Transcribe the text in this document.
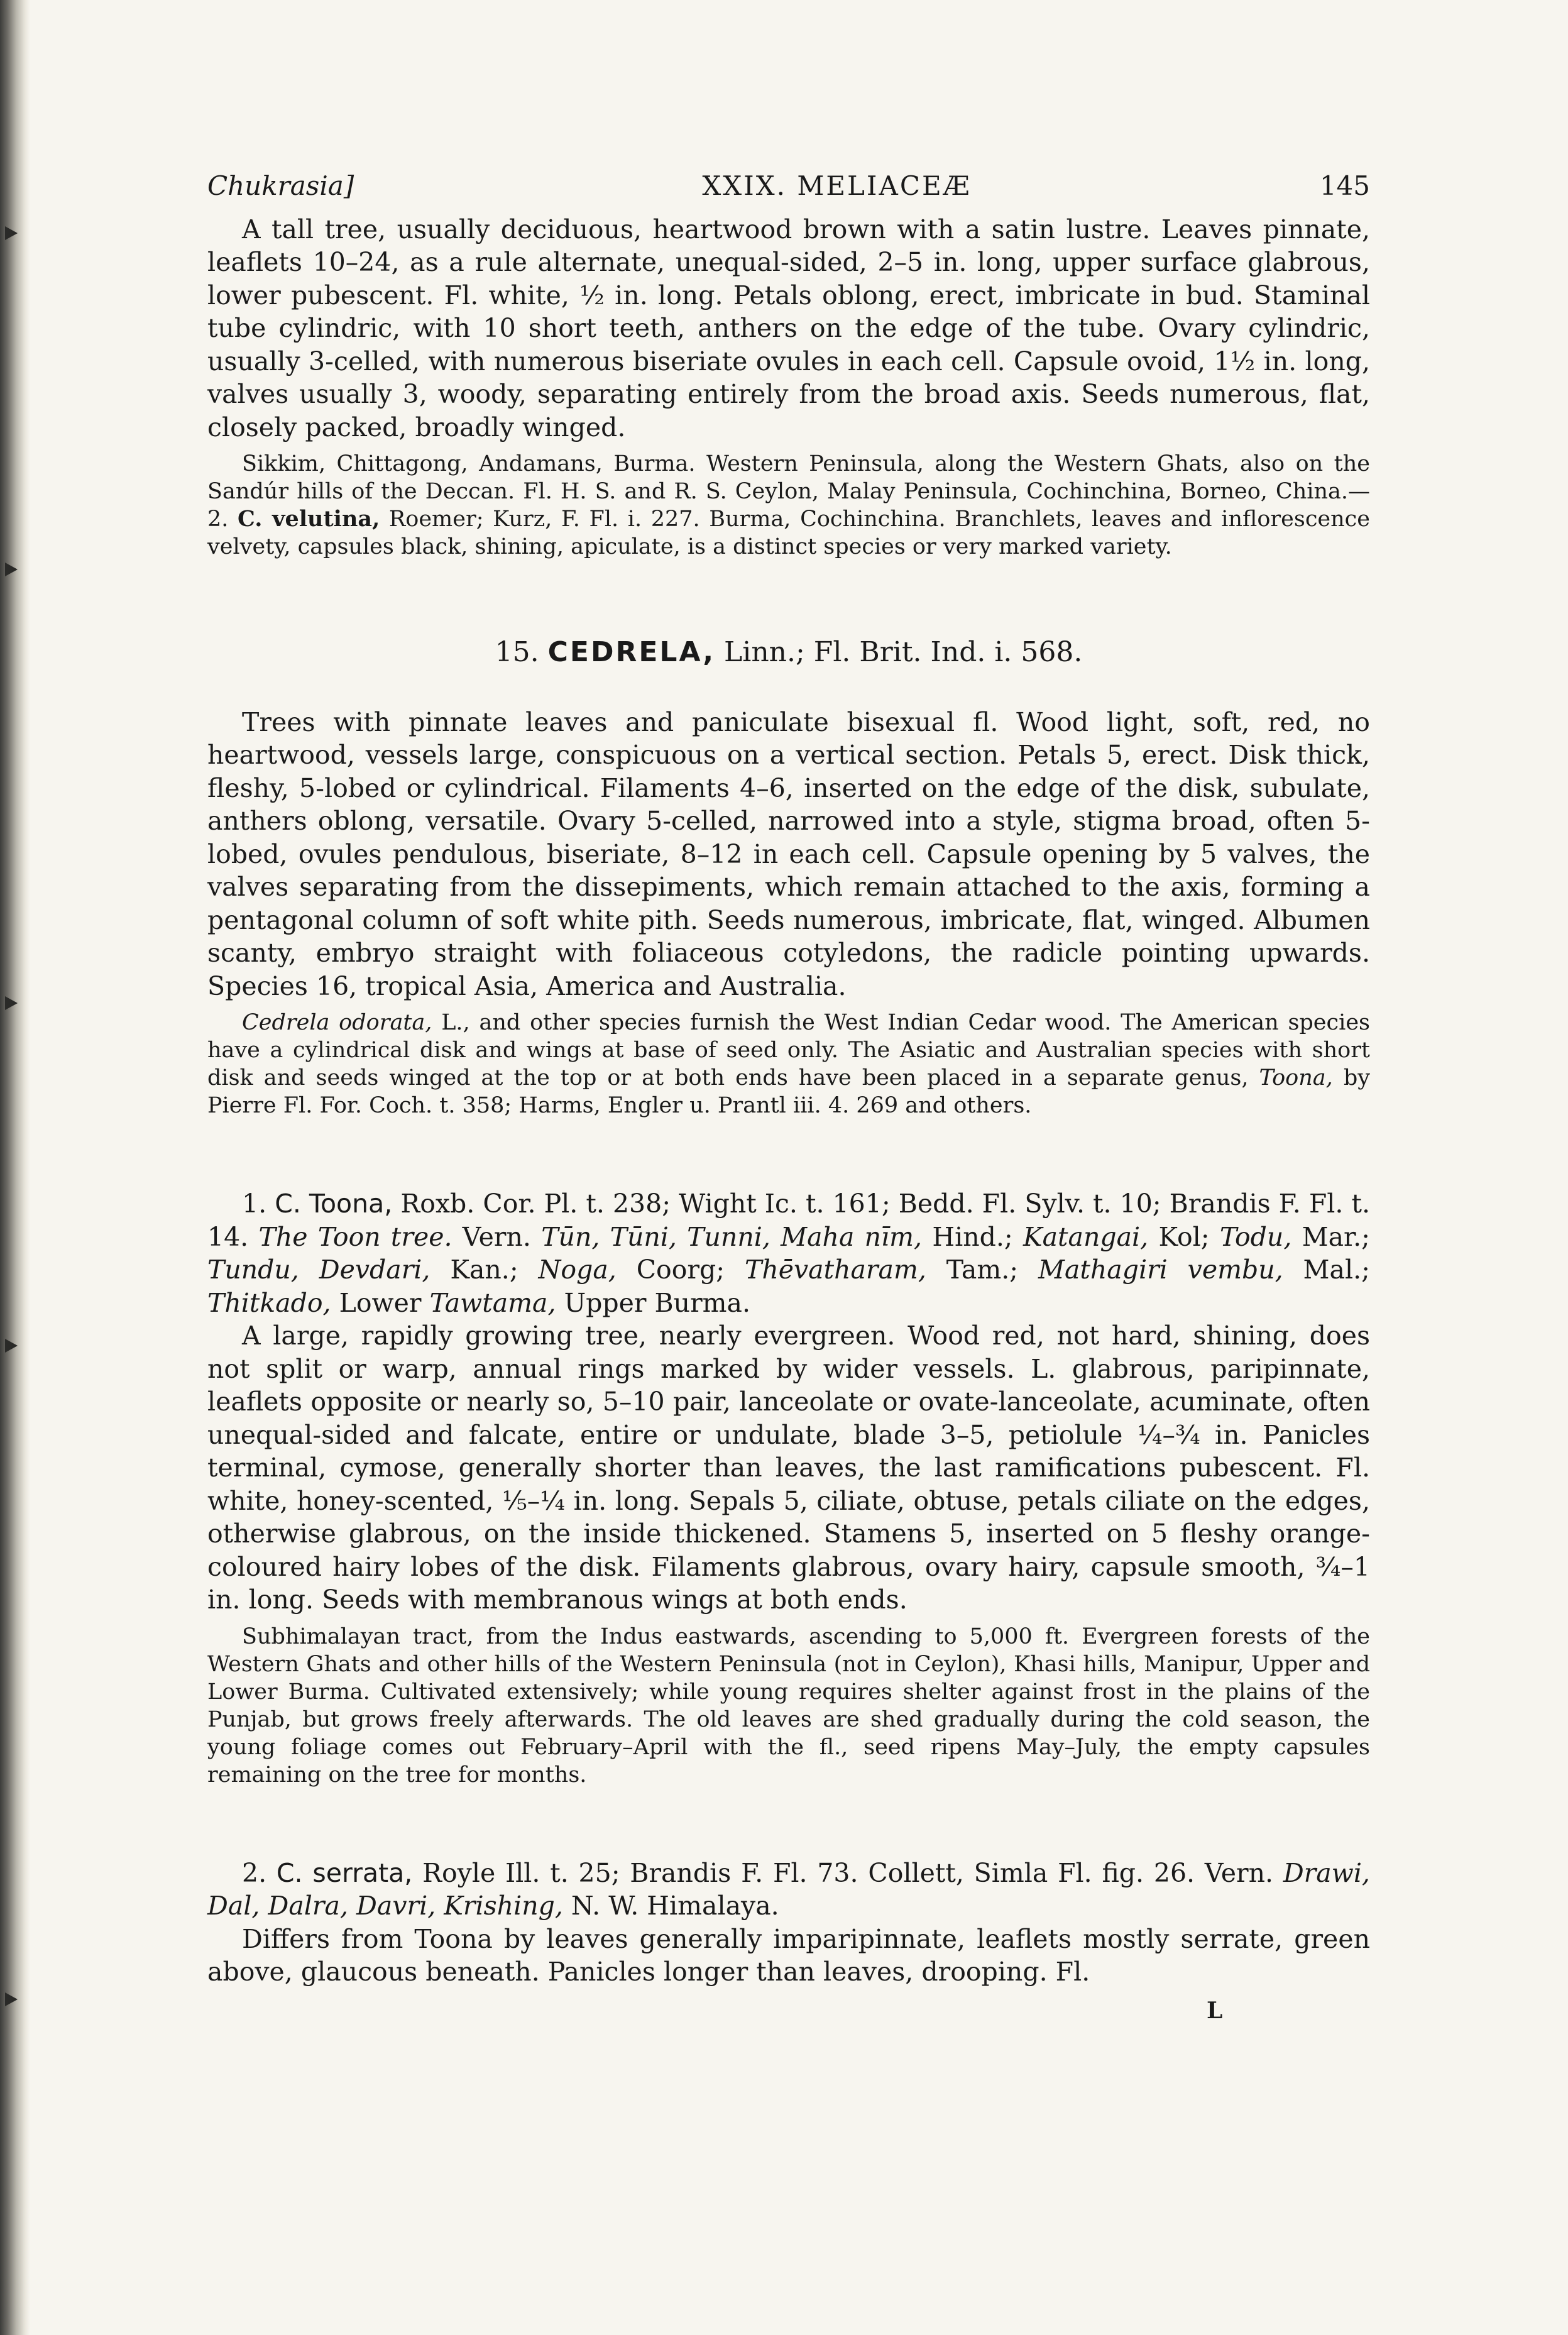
Chukrasia]	XXIX. MELIACEÆ	145

A tall tree, usually deciduous, heartwood brown with a satin lustre. Leaves pinnate, leaflets 10–24, as a rule alternate, unequal-sided, 2–5 in. long, upper surface glabrous, lower pubescent. Fl. white, ½ in. long. Petals oblong, erect, imbricate in bud. Staminal tube cylindric, with 10 short teeth, anthers on the edge of the tube. Ovary cylindric, usually 3-celled, with numerous biseriate ovules in each cell. Capsule ovoid, 1½ in. long, valves usually 3, woody, separating entirely from the broad axis. Seeds numerous, flat, closely packed, broadly winged.

Sikkim, Chittagong, Andamans, Burma. Western Peninsula, along the Western Ghats, also on the Sandúr hills of the Deccan. Fl. H. S. and R. S. Ceylon, Malay Peninsula, Cochinchina, Borneo, China.—2. C. velutina, Roemer; Kurz, F. Fl. i. 227. Burma, Cochinchina. Branchlets, leaves and inflorescence velvety, capsules black, shining, apiculate, is a distinct species or very marked variety.

15. CEDRELA, Linn.; Fl. Brit. Ind. i. 568.

Trees with pinnate leaves and paniculate bisexual fl. Wood light, soft, red, no heartwood, vessels large, conspicuous on a vertical section. Petals 5, erect. Disk thick, fleshy, 5-lobed or cylindrical. Filaments 4–6, inserted on the edge of the disk, subulate, anthers oblong, versatile. Ovary 5-celled, narrowed into a style, stigma broad, often 5-lobed, ovules pendulous, biseriate, 8–12 in each cell. Capsule opening by 5 valves, the valves separating from the dissepiments, which remain attached to the axis, forming a pentagonal column of soft white pith. Seeds numerous, imbricate, flat, winged. Albumen scanty, embryo straight with foliaceous cotyledons, the radicle pointing upwards. Species 16, tropical Asia, America and Australia.

Cedrela odorata, L., and other species furnish the West Indian Cedar wood. The American species have a cylindrical disk and wings at base of seed only. The Asiatic and Australian species with short disk and seeds winged at the top or at both ends have been placed in a separate genus, Toona, by Pierre Fl. For. Coch. t. 358; Harms, Engler u. Prantl iii. 4. 269 and others.

1. C. Toona, Roxb. Cor. Pl. t. 238; Wight Ic. t. 161; Bedd. Fl. Sylv. t. 10; Brandis F. Fl. t. 14. The Toon tree. Vern. Tūn, Tūni, Tunni, Maha nīm, Hind.; Katangai, Kol; Todu, Mar.; Tundu, Devdari, Kan.; Noga, Coorg; Thēvatharam, Tam.; Mathagiri vembu, Mal.; Thitkado, Lower Tawtama, Upper Burma.

A large, rapidly growing tree, nearly evergreen. Wood red, not hard, shining, does not split or warp, annual rings marked by wider vessels. L. glabrous, paripinnate, leaflets opposite or nearly so, 5–10 pair, lanceolate or ovate-lanceolate, acuminate, often unequal-sided and falcate, entire or undulate, blade 3–5, petiolule ¼–¾ in. Panicles terminal, cymose, generally shorter than leaves, the last ramifications pubescent. Fl. white, honey-scented, ⅕–¼ in. long. Sepals 5, ciliate, obtuse, petals ciliate on the edges, otherwise glabrous, on the inside thickened. Stamens 5, inserted on 5 fleshy orange-coloured hairy lobes of the disk. Filaments glabrous, ovary hairy, capsule smooth, ¾–1 in. long. Seeds with membranous wings at both ends.

Subhimalayan tract, from the Indus eastwards, ascending to 5,000 ft. Evergreen forests of the Western Ghats and other hills of the Western Peninsula (not in Ceylon), Khasi hills, Manipur, Upper and Lower Burma. Cultivated extensively; while young requires shelter against frost in the plains of the Punjab, but grows freely afterwards. The old leaves are shed gradually during the cold season, the young foliage comes out February–April with the fl., seed ripens May–July, the empty capsules remaining on the tree for months.

2. C. serrata, Royle Ill. t. 25; Brandis F. Fl. 73. Collett, Simla Fl. fig. 26. Vern. Drawi, Dal, Dalra, Davri, Krishing, N. W. Himalaya.

Differs from Toona by leaves generally imparipinnate, leaflets mostly serrate, green above, glaucous beneath. Panicles longer than leaves, drooping. Fl.

L
